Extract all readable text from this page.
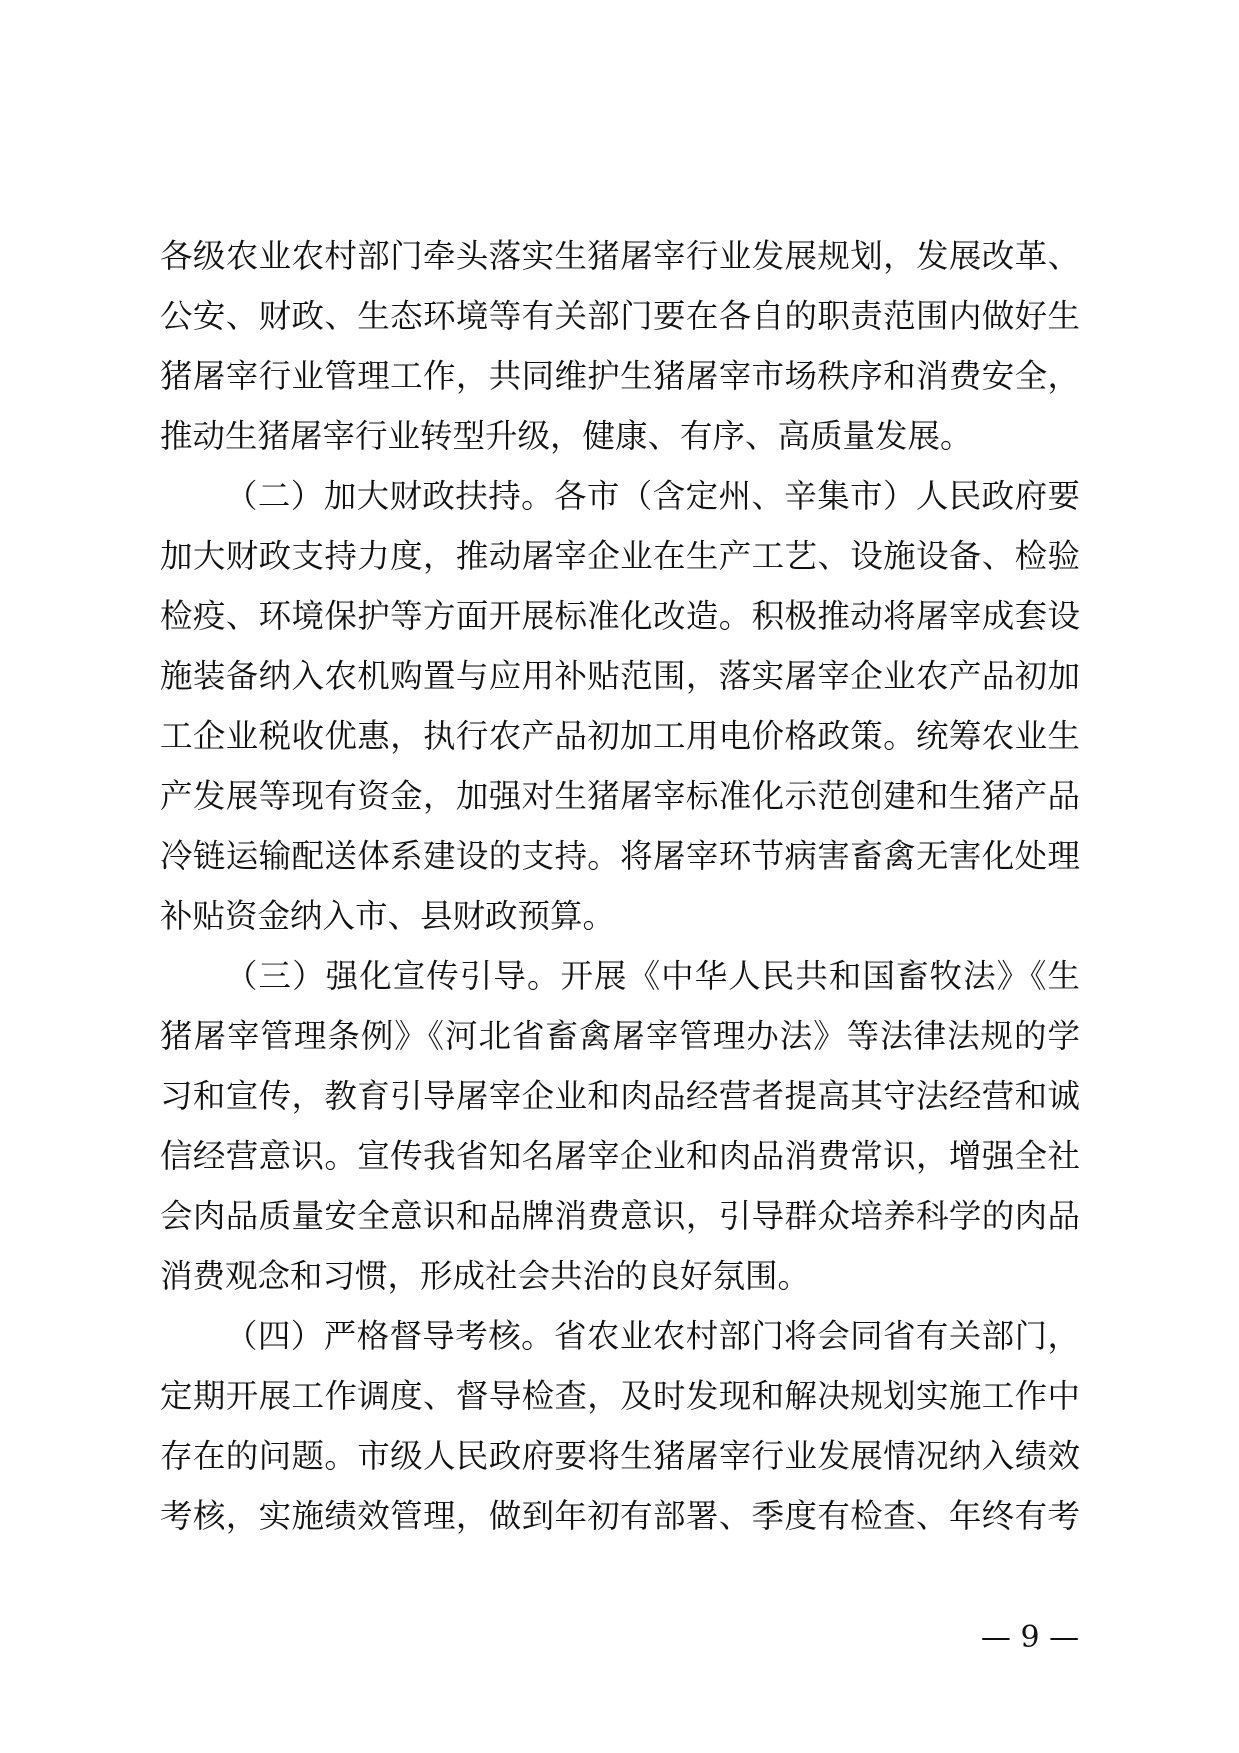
各级农业农村部门牵头落实生猪屠宰行业发展规划，发展改革、
公安、财政、生态环境等有关部门要在各自的职责范围内做好生
猪屠宰行业管理工作，共同维护生猪屠宰市场秩序和消费安全，
推动生猪屠宰行业转型升级，健康、有序、高质量发展。
（二）加大财政扶持。各市（含定州、辛集市）人民政府要
加大财政支持力度，推动屠宰企业在生产工艺、设施设备、检验
检疫、环境保护等方面开展标准化改造。积极推动将屠宰成套设
施装备纳入农机购置与应用补贴范围，落实屠宰企业农产品初加
工企业税收优惠，执行农产品初加工用电价格政策。统筹农业生
产发展等现有资金，加强对生猪屠宰标准化示范创建和生猪产品
冷链运输配送体系建设的支持。将屠宰环节病害畜禽无害化处理
补贴资金纳入市、县财政预算。
（三）强化宣传引导。开展《中华人民共和国畜牧法》《生
猪屠宰管理条例》《河北省畜禽屠宰管理办法》等法律法规的学
习和宣传，教育引导屠宰企业和肉品经营者提高其守法经营和诚
信经营意识。宣传我省知名屠宰企业和肉品消费常识，增强全社
会肉品质量安全意识和品牌消费意识，引导群众培养科学的肉品
消费观念和习惯，形成社会共治的良好氛围。
（四）严格督导考核。省农业农村部门将会同省有关部门，
定期开展工作调度、督导检查，及时发现和解决规划实施工作中
存在的问题。市级人民政府要将生猪屠宰行业发展情况纳入绩效
考核，实施绩效管理，做到年初有部署、季度有检查、年终有考
— 9 —
